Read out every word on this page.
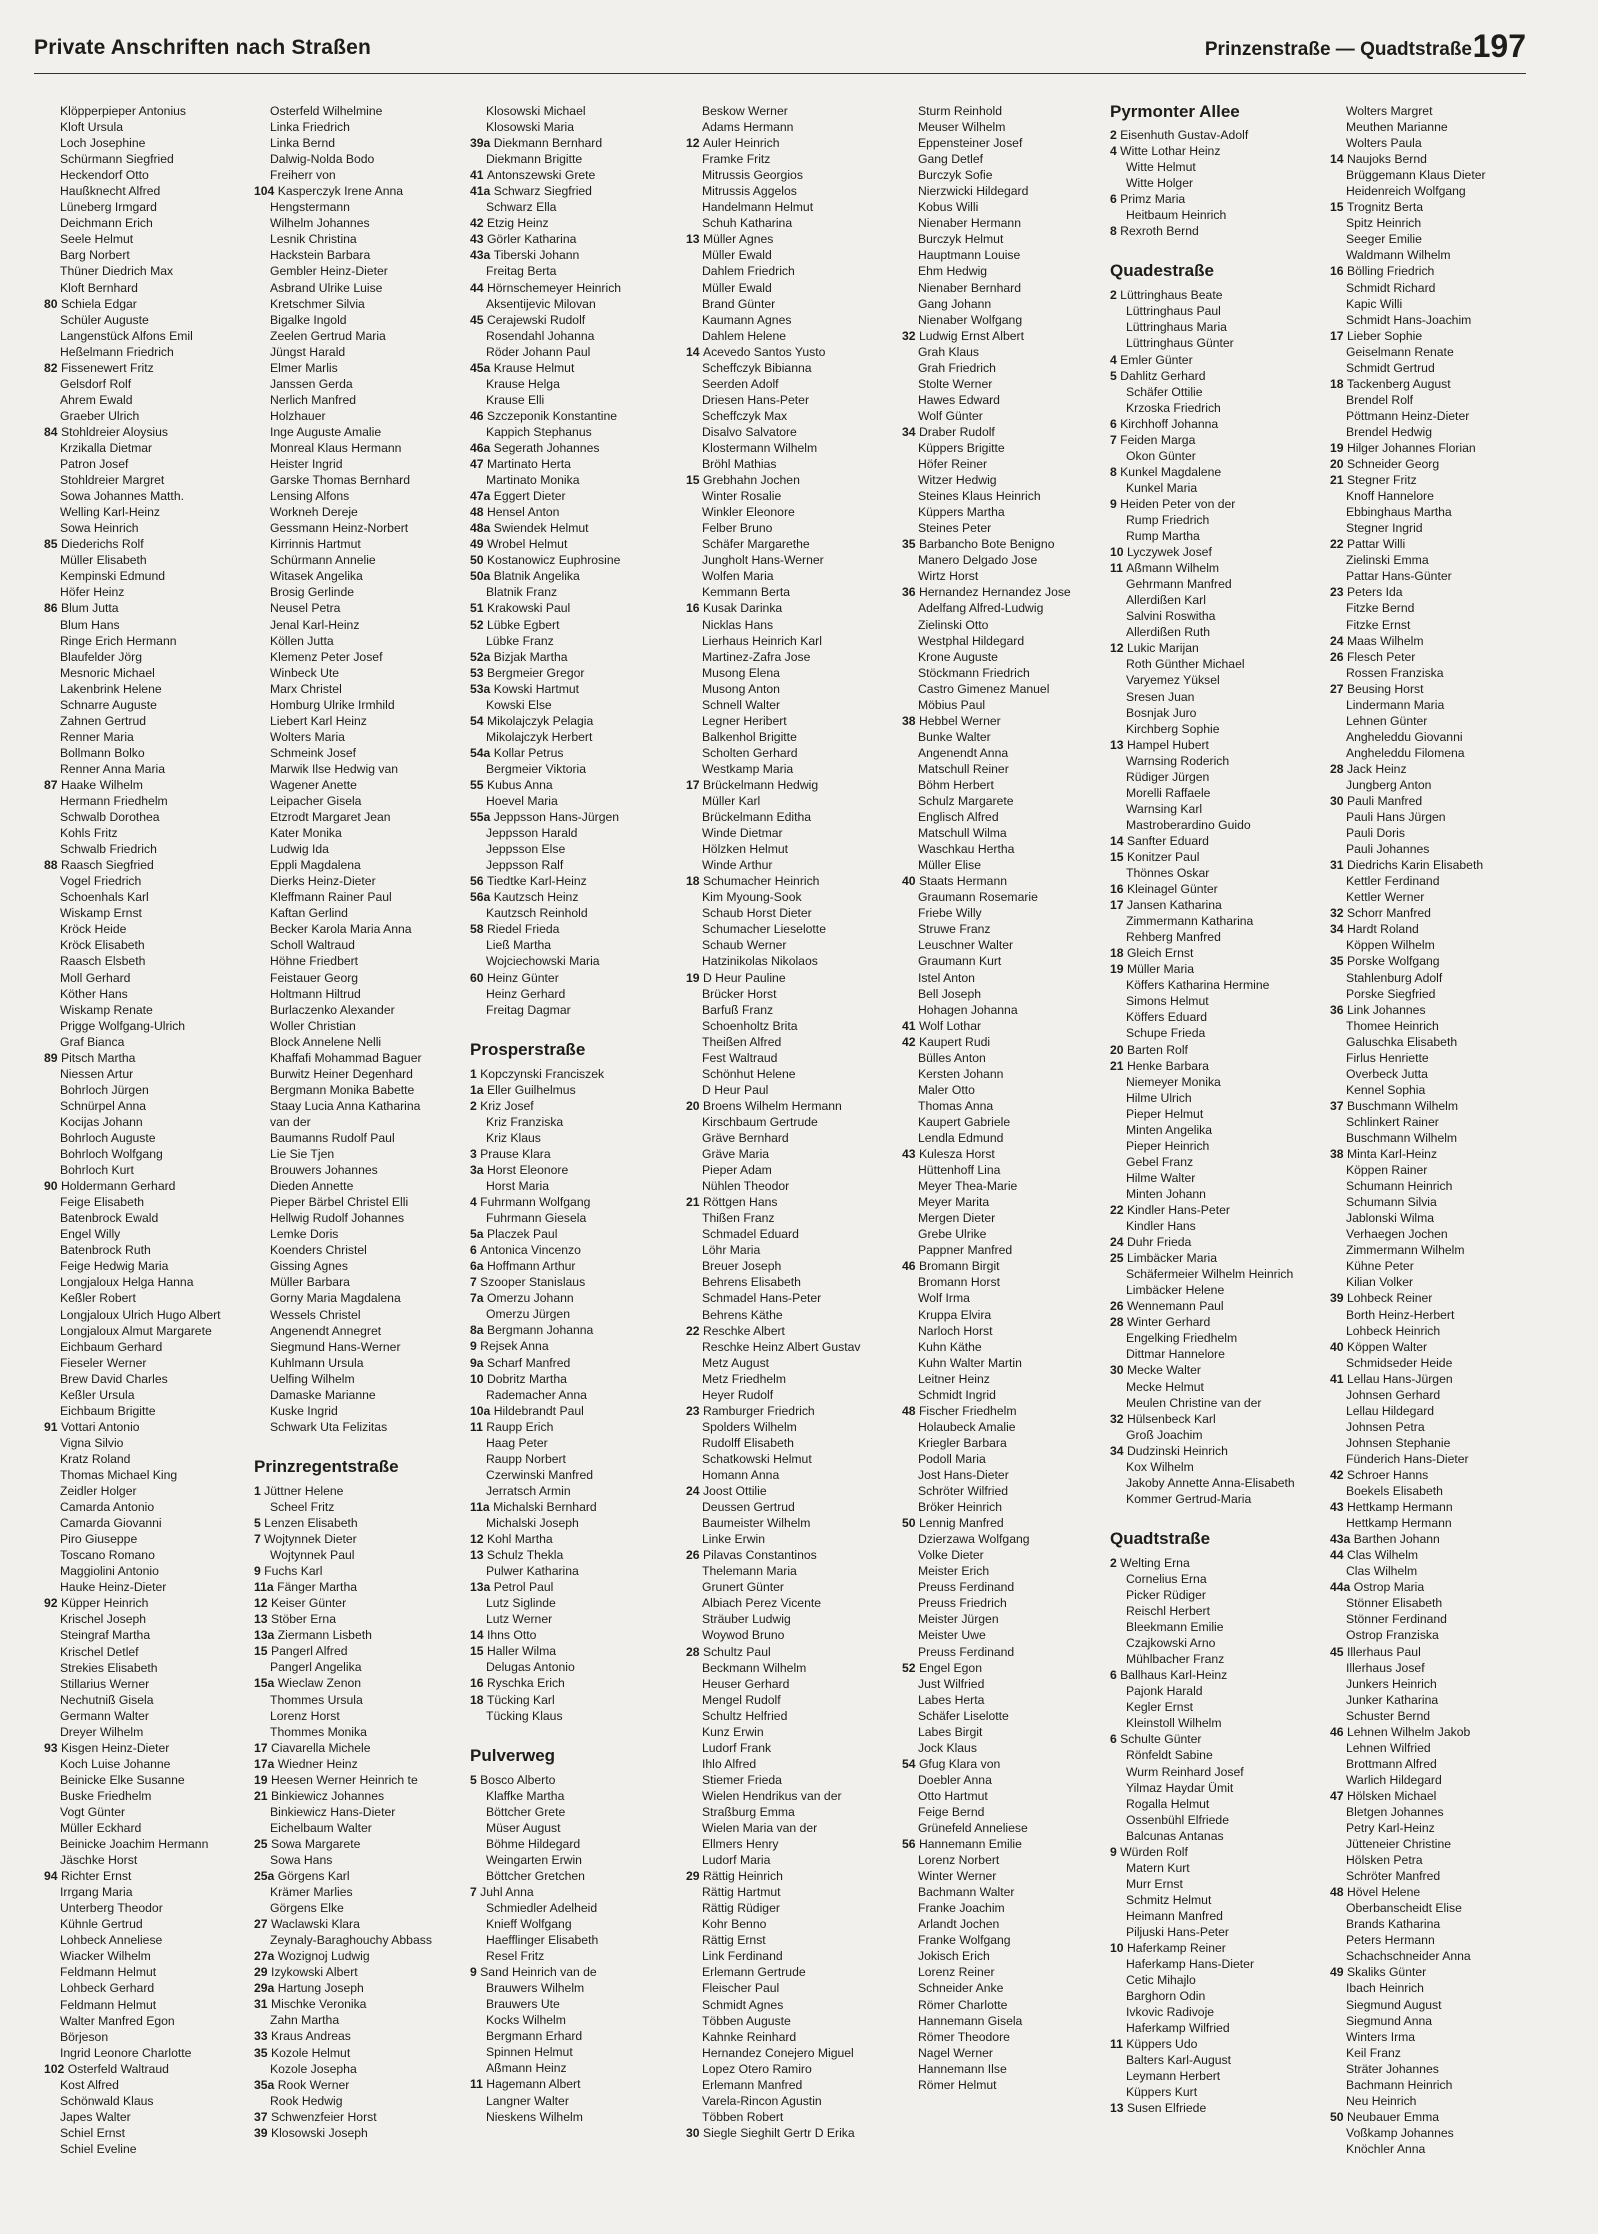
Private Anschriften nach Straßen	Prinzenstraße — Quadtstraße 197
Klöpperpieper Antonius
Kloft Ursula
Loch Josephine
Schürmann Siegfried
Heckendorf Otto
Haußknecht Alfred
Lüneberg Irmgard
Deichmann Erich
Seele Helmut
Barg Norbert
Thüner Diedrich Max
Kloft Bernhard
80 Schiela Edgar
Schüler Auguste
Langenstück Alfons Emil
Heßelmann Friedrich
82 Fissenewert Fritz
Gelsdorf Rolf
Ahrem Ewald
Graeber Ulrich
84 Stohldreier Aloysius
Krzikalla Dietmar
Patron Josef
Stohldreier Margret
Sowa Johannes Matth.
Welling Karl-Heinz
Sowa Heinrich
85 Diederichs Rolf
Müller Elisabeth
Kempinski Edmund
Höfer Heinz
86 Blum Jutta
Blum Hans
Ringe Erich Hermann
Blaufelder Jörg
Mesnoric Michael
Lakenbrink Helene
Schnarre Auguste
Zahnen Gertrud
Renner Maria
Bollmann Bolko
Renner Anna Maria
87 Haake Wilhelm
Hermann Friedhelm
Schwalb Dorothea
Kohls Fritz
Schwalb Friedrich
88 Raasch Siegfried
Vogel Friedrich
Schoenhals Karl
Wiskamp Ernst
Kröck Heide
Kröck Elisabeth
Raasch Elsbeth
Moll Gerhard
Köther Hans
Wiskamp Renate
Prigge Wolfgang-Ulrich
Graf Bianca
89 Pitsch Martha
Niessen Artur
Bohrloch Jürgen
Schnürpel Anna
Kocijas Johann
Bohrloch Auguste
Bohrloch Wolfgang
Bohrloch Kurt
90 Holdermann Gerhard
Feige Elisabeth
Batenbrock Ewald
Engel Willy
Batenbrock Ruth
Feige Hedwig Maria
Longjaloux Helga Hanna
Keßler Robert
Longjaloux Ulrich Hugo Albert
Longjaloux Almut Margarete
Eichbaum Gerhard
Fieseler Werner
Brew David Charles
Keßler Ursula
Eichbaum Brigitte
91 Vottari Antonio
Vigna Silvio
Kratz Roland
Thomas Michael King
Zeidler Holger
Camarda Antonio
Camarda Giovanni
Piro Giuseppe
Toscano Romano
Maggiolini Antonio
Hauke Heinz-Dieter
92 Küpper Heinrich
Krischel Joseph
Steingraf Martha
Krischel Detlef
Strekies Elisabeth
Stillarius Werner
Nechutniß Gisela
Germann Walter
Dreyer Wilhelm
93 Kisgen Heinz-Dieter
Koch Luise Johanne
Beinicke Elke Susanne
Buske Friedhelm
Vogt Günter
Müller Eckhard
Beinicke Joachim Hermann
Jäschke Horst
94 Richter Ernst
Irrgang Maria
Unterberg Theodor
Kühnle Gertrud
Lohbeck Anneliese
Wiacker Wilhelm
Feldmann Helmut
Lohbeck Gerhard
Feldmann Helmut
Walter Manfred Egon
Börjeson
Ingrid Leonore Charlotte
102 Osterfeld Waltraud
Kost Alfred
Schönwald Klaus
Japes Walter
Schiel Ernst
Schiel Eveline
Osterfeld Wilhelmine
Linka Friedrich
Linka Bernd
Dalwig-Nolda Bodo
Freiherr von
104 Kasperczyk Irene Anna
Hengstermann
Wilhelm Johannes
Lesnik Christina
Hackstein Barbara
Gembler Heinz-Dieter
Asbrand Ulrike Luise
Kretschmer Silvia
Bigalke Ingold
Zeelen Gertrud Maria
Jüngst Harald
Elmer Marlis
Janssen Gerda
Nerlich Manfred
Holzhauer
Inge Auguste Amalie
Monreal Klaus Hermann
Heister Ingrid
Garske Thomas Bernhard
Lensing Alfons
Workneh Dereje
Gessmann Heinz-Norbert
Kirrinnis Hartmut
Schürmann Annelie
Witasek Angelika
Brosig Gerlinde
Neusel Petra
Jenal Karl-Heinz
Köllen Jutta
Klemenz Peter Josef
Winbeck Ute
Marx Christel
Homburg Ulrike Irmhild
Liebert Karl Heinz
Wolters Maria
Schmeink Josef
Marwik Ilse Hedwig van
Wagener Anette
Leipacher Gisela
Etzrodt Margaret Jean
Kater Monika
Ludwig Ida
Eppli Magdalena
Dierks Heinz-Dieter
Kleffmann Rainer Paul
Kaftan Gerlind
Becker Karola Maria Anna
Scholl Waltraud
Höhne Friedbert
Feistauer Georg
Holtmann Hiltrud
Burlaczenko Alexander
Woller Christian
Block Annelene Nelli
Khaffafi Mohammad Baguer
Burwitz Heiner Degenhard
Bergmann Monika Babette
Staay Lucia Anna Katharina
van der
Baumanns Rudolf Paul
Lie Sie Tjen
Brouwers Johannes
Dieden Annette
Pieper Bärbel Christel Elli
Hellwig Rudolf Johannes
Lemke Doris
Koenders Christel
Gissing Agnes
Müller Barbara
Gorny Maria Magdalena
Wessels Christel
Angenendt Annegret
Siegmund Hans-Werner
Kuhlmann Ursula
Uelfing Wilhelm
Damaske Marianne
Kuske Ingrid
Schwark Uta Felizitas
Prinzregentstraße
1 Jüttner Helene
Scheel Fritz
5 Lenzen Elisabeth
7 Wojtynnek Dieter
Wojtynnek Paul
9 Fuchs Karl
11a Fänger Martha
12 Keiser Günter
13 Stöber Erna
13a Ziermann Lisbeth
15 Pangerl Alfred
Pangerl Angelika
15a Wieclaw Zenon
Thommes Ursula
Lorenz Horst
Thommes Monika
17 Ciavarella Michele
17a Wiedner Heinz
19 Heesen Werner Heinrich te
21 Binkiewicz Johannes
Binkiewicz Hans-Dieter
Eichelbaum Walter
25 Sowa Margarete
Sowa Hans
25a Görgens Karl
Krämer Marlies
Görgens Elke
27 Waclawski Klara
Zeynaly-Baraghouchy Abbass
27a Wozignoj Ludwig
29 Izykowski Albert
29a Hartung Joseph
31 Mischke Veronika
Zahn Martha
33 Kraus Andreas
35 Kozole Helmut
Kozole Josepha
35a Rook Werner
Rook Hedwig
37 Schwenzfeier Horst
39 Klosowski Joseph
Klosowski Michael
Klosowski Maria
39a Diekmann Bernhard
Diekmann Brigitte
41 Antonszewski Grete
41a Schwarz Siegfried
Schwarz Ella
42 Etzig Heinz
43 Görler Katharina
43a Tiberski Johann
Freitag Berta
44 Hörnschemeyer Heinrich
Aksentijevic Milovan
45 Cerajewski Rudolf
Rosendahl Johanna
Röder Johann Paul
45a Krause Helmut
Krause Helga
Krause Elli
46 Szczeponik Konstantine
Kappich Stephanus
46a Segerath Johannes
47 Martinato Herta
Martinato Monika
47a Eggert Dieter
48 Hensel Anton
48a Swiendek Helmut
49 Wrobel Helmut
50 Kostanowicz Euphrosine
50a Blatnik Angelika
Blatnik Franz
51 Krakowski Paul
52 Lübke Egbert
Lübke Franz
52a Bizjak Martha
53 Bergmeier Gregor
53a Kowski Hartmut
Kowski Else
54 Mikolajczyk Pelagia
Mikolajczyk Herbert
54a Kollar Petrus
Bergmeier Viktoria
55 Kubus Anna
Hoevel Maria
55a Jeppsson Hans-Jürgen
Jeppsson Harald
Jeppsson Else
Jeppsson Ralf
56 Tiedtke Karl-Heinz
56a Kautzsch Heinz
Kautzsch Reinhold
58 Riedel Frieda
Ließ Martha
Wojciechowski Maria
60 Heinz Günter
Heinz Gerhard
Freitag Dagmar
Prosperstraße
1 Kopczynski Franciszek
1a Eller Guilhelmus
2 Kriz Josef
Kriz Franziska
Kriz Klaus
3 Prause Klara
3a Horst Eleonore
Horst Maria
4 Fuhrmann Wolfgang
Fuhrmann Giesela
5a Placzek Paul
6 Antonica Vincenzo
6a Hoffmann Arthur
7 Szooper Stanislaus
7a Omerzu Johann
Omerzu Jürgen
8a Bergmann Johanna
9 Rejsek Anna
9a Scharf Manfred
10 Dobritz Martha
Rademacher Anna
10a Hildebrandt Paul
11 Raupp Erich
Haag Peter
Raupp Norbert
Czerwinski Manfred
Jerratsch Armin
11a Michalski Bernhard
Michalski Joseph
12 Kohl Martha
13 Schulz Thekla
Pulwer Katharina
13a Petrol Paul
Lutz Siglinde
Lutz Werner
14 Ihns Otto
15 Haller Wilma
Delugas Antonio
16 Ryschka Erich
18 Tücking Karl
Tücking Klaus
Pulverweg
5 Bosco Alberto
Klaffke Martha
Böttcher Grete
Müser August
Böhme Hildegard
Weingarten Erwin
Böttcher Gretchen
7 Juhl Anna
Schmiedler Adelheid
Knieff Wolfgang
Haefflinger Elisabeth
Resel Fritz
9 Sand Heinrich van de
Brauwers Wilhelm
Brauwers Ute
Kocks Wilhelm
Bergmann Erhard
Spinnen Helmut
Aßmann Heinz
11 Hagemann Albert
Langner Walter
Nieskens Wilhelm
Beskow Werner
Adams Hermann
12 Auler Heinrich
Framke Fritz
Mitrussis Georgios
Mitrussis Aggelos
Handelmann Helmut
Schuh Katharina
13 Müller Agnes
Müller Ewald
Dahlem Friedrich
Müller Ewald
Brand Günter
Kaumann Agnes
Dahlem Helene
14 Acevedo Santos Yusto
Scheffczyk Bibianna
Seerden Adolf
Driesen Hans-Peter
Scheffczyk Max
Disalvo Salvatore
Klostermann Wilhelm
Bröhl Mathias
15 Grebhahn Jochen
Winter Rosalie
Winkler Eleonore
Felber Bruno
Schäfer Margarethe
Jungholt Hans-Werner
Wolfen Maria
Kemmann Berta
16 Kusak Darinka
Nicklas Hans
Lierhaus Heinrich Karl
Martinez-Zafra Jose
Musong Elena
Musong Anton
Schnell Walter
Legner Heribert
Balkenhol Brigitte
Scholten Gerhard
Westkamp Maria
17 Brückelmann Hedwig
Müller Karl
Brückelmann Editha
Winde Dietmar
Hölzken Helmut
Winde Arthur
18 Schumacher Heinrich
Kim Myoung-Sook
Schaub Horst Dieter
Schumacher Lieselotte
Schaub Werner
Hatzinikolas Nikolaos
19 D Heur Pauline
Brücker Horst
Barfuß Franz
Schoenholtz Brita
Theißen Alfred
Fest Waltraud
Schönhut Helene
D Heur Paul
20 Broens Wilhelm Hermann
Kirschbaum Gertrude
Gräve Bernhard
Gräve Maria
Pieper Adam
Nühlen Theodor
21 Röttgen Hans
Thißen Franz
Schmadel Eduard
Löhr Maria
Breuer Joseph
Behrens Elisabeth
Schmadel Hans-Peter
Behrens Käthe
22 Reschke Albert
Reschke Heinz Albert Gustav
Metz August
Metz Friedhelm
Heyer Rudolf
23 Ramburger Friedrich
Spolders Wilhelm
Rudolff Elisabeth
Schatkowski Helmut
Homann Anna
24 Joost Ottilie
Deussen Gertrud
Baumeister Wilhelm
Linke Erwin
26 Pilavas Constantinos
Thelemann Maria
Grunert Günter
Albiach Perez Vicente
Sträuber Ludwig
Woywod Bruno
28 Schultz Paul
Beckmann Wilhelm
Heuser Gerhard
Mengel Rudolf
Schultz Helfried
Kunz Erwin
Ludorf Frank
Ihlo Alfred
Stiemer Frieda
Wielen Hendrikus van der
Straßburg Emma
Wielen Maria van der
Ellmers Henry
Ludorf Maria
29 Rättig Heinrich
Rättig Hartmut
Rättig Rüdiger
Kohr Benno
Rättig Ernst
Link Ferdinand
Erlemann Gertrude
Fleischer Paul
Schmidt Agnes
Többen Auguste
Kahnke Reinhard
Hernandez Conejero Miguel
Lopez Otero Ramiro
Erlemann Manfred
Varela-Rincon Agustin
Többen Robert
30 Siegle Sieghilt Gertr D Erika
Sturm Reinhold
Meuser Wilhelm
Eppensteiner Josef
Gang Detlef
Burczyk Sofie
Nierzwicki Hildegard
Kobus Willi
Nienaber Hermann
Burczyk Helmut
Hauptmann Louise
Ehm Hedwig
Nienaber Bernhard
Gang Johann
Nienaber Wolfgang
32 Ludwig Ernst Albert
Grah Klaus
Grah Friedrich
Stolte Werner
Hawes Edward
Wolf Günter
34 Draber Rudolf
Küppers Brigitte
Höfer Reiner
Witzer Hedwig
Steines Klaus Heinrich
Küppers Martha
Steines Peter
35 Barbancho Bote Benigno
Manero Delgado Jose
Wirtz Horst
36 Hernandez Hernandez Jose
Adelfang Alfred-Ludwig
Zielinski Otto
Westphal Hildegard
Krone Auguste
Stöckmann Friedrich
Castro Gimenez Manuel
Möbius Paul
38 Hebbel Werner
Bunke Walter
Angenendt Anna
Matschull Reiner
Böhm Herbert
Schulz Margarete
Englisch Alfred
Matschull Wilma
Waschkau Hertha
Müller Elise
40 Staats Hermann
Graumann Rosemarie
Friebe Willy
Struwe Franz
Leuschner Walter
Graumann Kurt
Istel Anton
Bell Joseph
Hohagen Johanna
41 Wolf Lothar
42 Kaupert Rudi
Bülles Anton
Kersten Johann
Maler Otto
Thomas Anna
Kaupert Gabriele
Lendla Edmund
43 Kulesza Horst
Hüttenhoff Lina
Meyer Thea-Marie
Meyer Marita
Mergen Dieter
Grebe Ulrike
Pappner Manfred
46 Bromann Birgit
Bromann Horst
Wolf Irma
Kruppa Elvira
Narloch Horst
Kuhn Käthe
Kuhn Walter Martin
Leitner Heinz
Schmidt Ingrid
48 Fischer Friedhelm
Holaubeck Amalie
Kriegler Barbara
Podoll Maria
Jost Hans-Dieter
Schröter Wilfried
Bröker Heinrich
50 Lennig Manfred
Dzierzawa Wolfgang
Volke Dieter
Meister Erich
Preuss Ferdinand
Preuss Friedrich
Meister Jürgen
Meister Uwe
Preuss Ferdinand
52 Engel Egon
Just Wilfried
Labes Herta
Schäfer Liselotte
Labes Birgit
Jock Klaus
54 Gfug Klara von
Doebler Anna
Otto Hartmut
Feige Bernd
Grünefeld Anneliese
56 Hannemann Emilie
Lorenz Norbert
Winter Werner
Bachmann Walter
Franke Joachim
Arlandt Jochen
Franke Wolfgang
Jokisch Erich
Lorenz Reiner
Schneider Anke
Römer Charlotte
Hannemann Gisela
Römer Theodore
Nagel Werner
Hannemann Ilse
Römer Helmut
Pyrmonter Allee
2 Eisenhuth Gustav-Adolf
4 Witte Lothar Heinz
Witte Helmut
Witte Holger
6 Primz Maria
Heitbaum Heinrich
8 Rexroth Bernd
Quadestraße
2 Lüttringhaus Beate
Lüttringhaus Paul
Lüttringhaus Maria
Lüttringhaus Günter
4 Emler Günter
5 Dahlitz Gerhard
Schäfer Ottilie
Krzoska Friedrich
6 Kirchhoff Johanna
7 Feiden Marga
Okon Günter
8 Kunkel Magdalene
Kunkel Maria
9 Heiden Peter von der
Rump Friedrich
Rump Martha
10 Lyczywek Josef
11 Aßmann Wilhelm
Gehrmann Manfred
Allerdißen Karl
Salvini Roswitha
Allerdißen Ruth
12 Lukic Marijan
Roth Günther Michael
Varyemez Yüksel
Sresen Juan
Bosnjak Juro
Kirchberg Sophie
13 Hampel Hubert
Warnsing Roderich
Rüdiger Jürgen
Morelli Raffaele
Warnsing Karl
Mastroberardino Guido
14 Sanfter Eduard
15 Konitzer Paul
Thönnes Oskar
16 Kleinagel Günter
17 Jansen Katharina
Zimmermann Katharina
Rehberg Manfred
18 Gleich Ernst
19 Müller Maria
Köffers Katharina Hermine
Simons Helmut
Köffers Eduard
Schupe Frieda
20 Barten Rolf
21 Henke Barbara
Niemeyer Monika
Hilme Ulrich
Pieper Helmut
Minten Angelika
Pieper Heinrich
Gebel Franz
Hilme Walter
Minten Johann
22 Kindler Hans-Peter
Kindler Hans
24 Duhr Frieda
25 Limbäcker Maria
Schäfermeier Wilhelm Heinrich
Limbäcker Helene
26 Wennemann Paul
28 Winter Gerhard
Engelking Friedhelm
Dittmar Hannelore
30 Mecke Walter
Mecke Helmut
Meulen Christine van der
32 Hülsenbeck Karl
Groß Joachim
34 Dudzinski Heinrich
Kox Wilhelm
Jakoby Annette Anna-Elisabeth
Kommer Gertrud-Maria
Quadtstraße
2 Welting Erna
Cornelius Erna
Picker Rüdiger
Reischl Herbert
Bleekmann Emilie
Czajkowski Arno
Mühlbacher Franz
6 Ballhaus Karl-Heinz
Pajonk Harald
Kegler Ernst
Kleinstoll Wilhelm
6 Schulte Günter
Rönfeldt Sabine
Wurm Reinhard Josef
Yilmaz Haydar Ümit
Rogalla Helmut
Ossenbühl Elfriede
Balcunas Antanas
9 Würden Rolf
Matern Kurt
Murr Ernst
Schmitz Helmut
Heimann Manfred
Piljuski Hans-Peter
10 Haferkamp Reiner
Haferkamp Hans-Dieter
Cetic Mihajlo
Barghorn Odin
Ivkovic Radivoje
Haferkamp Wilfried
11 Küppers Udo
Balters Karl-August
Leymann Herbert
Küppers Kurt
13 Susen Elfriede
Wolters Margret
Meuthen Marianne
Wolters Paula
14 Naujoks Bernd
Brüggemann Klaus Dieter
Heidenreich Wolfgang
15 Trognitz Berta
Spitz Heinrich
Seeger Emilie
Waldmann Wilhelm
16 Bölling Friedrich
Schmidt Richard
Kapic Willi
Schmidt Hans-Joachim
17 Lieber Sophie
Geiselmann Renate
Schmidt Gertrud
18 Tackenberg August
Brendel Rolf
Pöttmann Heinz-Dieter
Brendel Hedwig
19 Hilger Johannes Florian
20 Schneider Georg
21 Stegner Fritz
Knoff Hannelore
Ebbinghaus Martha
Stegner Ingrid
22 Pattar Willi
Zielinski Emma
Pattar Hans-Günter
23 Peters Ida
Fitzke Bernd
Fitzke Ernst
24 Maas Wilhelm
26 Flesch Peter
Rossen Franziska
27 Beusing Horst
Lindermann Maria
Lehnen Günter
Angheleddu Giovanni
Angheleddu Filomena
28 Jack Heinz
Jungberg Anton
30 Pauli Manfred
Pauli Hans Jürgen
Pauli Doris
Pauli Johannes
31 Diedrichs Karin Elisabeth
Kettler Ferdinand
Kettler Werner
32 Schorr Manfred
34 Hardt Roland
Köppen Wilhelm
35 Porske Wolfgang
Stahlenburg Adolf
Porske Siegfried
36 Link Johannes
Thomee Heinrich
Galuschka Elisabeth
Firlus Henriette
Overbeck Jutta
Kennel Sophia
37 Buschmann Wilhelm
Schlinkert Rainer
Buschmann Wilhelm
38 Minta Karl-Heinz
Köppen Rainer
Schumann Heinrich
Schumann Silvia
Jablonski Wilma
Verhaegen Jochen
Zimmermann Wilhelm
Kühne Peter
Kilian Volker
39 Lohbeck Reiner
Borth Heinz-Herbert
Lohbeck Heinrich
40 Köppen Walter
Schmidseder Heide
41 Lellau Hans-Jürgen
Johnsen Gerhard
Lellau Hildegard
Johnsen Petra
Johnsen Stephanie
Fünderich Hans-Dieter
42 Schroer Hanns
Boekels Elisabeth
43 Hettkamp Hermann
Hettkamp Hermann
43a Barthen Johann
44 Clas Wilhelm
Clas Wilhelm
44a Ostrop Maria
Stönner Elisabeth
Stönner Ferdinand
Ostrop Franziska
45 Illerhaus Paul
Illerhaus Josef
Junkers Heinrich
Junker Katharina
Schuster Bernd
46 Lehnen Wilhelm Jakob
Lehnen Wilfried
Brottmann Alfred
Warlich Hildegard
47 Hölsken Michael
Bletgen Johannes
Petry Karl-Heinz
Jütteneier Christine
Hölsken Petra
Schröter Manfred
48 Hövel Helene
Oberbanscheidt Elise
Brands Katharina
Peters Hermann
Schachschneider Anna
49 Skaliks Günter
Ibach Heinrich
Siegmund August
Siegmund Anna
Winters Irma
Keil Franz
Sträter Johannes
Bachmann Heinrich
Neu Heinrich
50 Neubauer Emma
Voßkamp Johannes
Knöchler Anna
